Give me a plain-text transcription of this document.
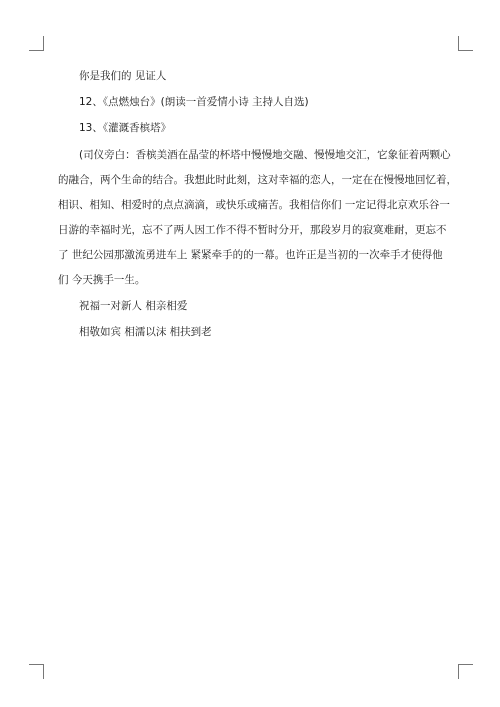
你是我们的 见证人
12、《点燃烛台》(朗读一首爱情小诗 主持人自选)
13、《灌溉香槟塔》
(司仪旁白：香槟美酒在晶莹的杯塔中慢慢地交融、慢慢地交汇，它象征着两颗心
的融合，两个生命的结合。我想此时此刻，这对幸福的恋人，一定在在慢慢地回忆着，
相识、相知、相爱时的点点滴滴，或快乐或痛苦。我相信你们 一定记得北京欢乐谷一
日游的幸福时光，忘不了两人因工作不得不暂时分开，那段岁月的寂寞难耐，更忘不
了 世纪公园那激流勇进车上 紧紧牵手的的一幕。也许正是当初的一次牵手才使得他
们 今天携手一生。
祝福一对新人 相亲相爱
相敬如宾 相濡以沫 相扶到老
